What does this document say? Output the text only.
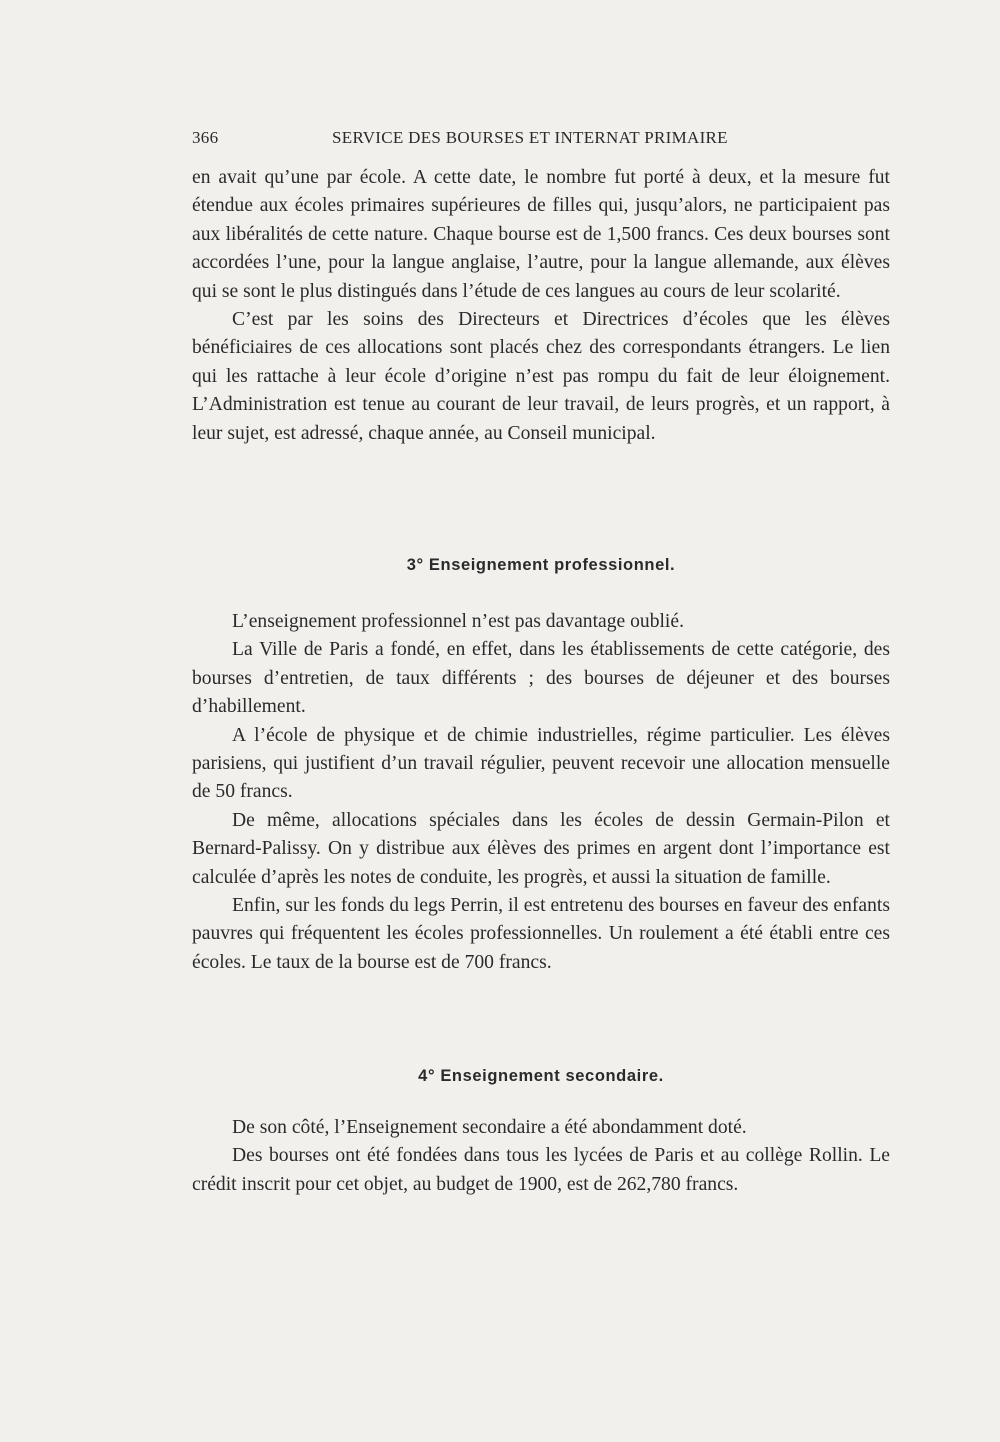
366	SERVICE DES BOURSES ET INTERNAT PRIMAIRE

en avait qu’une par école. A cette date, le nombre fut porté à deux, et la mesure fut étendue aux écoles primaires supérieures de filles qui, jusqu’alors, ne participaient pas aux libéralités de cette nature. Chaque bourse est de 1,500 francs. Ces deux bourses sont accordées l’une, pour la langue anglaise, l’autre, pour la langue allemande, aux élèves qui se sont le plus distingués dans l’étude de ces langues au cours de leur scolarité.

C’est par les soins des Directeurs et Directrices d’écoles que les élèves bénéficiaires de ces allocations sont placés chez des correspondants étrangers. Le lien qui les rattache à leur école d’origine n’est pas rompu du fait de leur éloignement. L’Administration est tenue au courant de leur travail, de leurs progrès, et un rapport, à leur sujet, est adressé, chaque année, au Conseil municipal.

3° Enseignement professionnel.

L’enseignement professionnel n’est pas davantage oublié.

La Ville de Paris a fondé, en effet, dans les établissements de cette catégorie, des bourses d’entretien, de taux différents ; des bourses de déjeuner et des bourses d’habillement.

A l’école de physique et de chimie industrielles, régime particulier. Les élèves parisiens, qui justifient d’un travail régulier, peuvent recevoir une allocation mensuelle de 50 francs.

De même, allocations spéciales dans les écoles de dessin Germain-Pilon et Bernard-Palissy. On y distribue aux élèves des primes en argent dont l’importance est calculée d’après les notes de conduite, les progrès, et aussi la situation de famille.

Enfin, sur les fonds du legs Perrin, il est entretenu des bourses en faveur des enfants pauvres qui fréquentent les écoles professionnelles. Un roulement a été établi entre ces écoles. Le taux de la bourse est de 700 francs.

4° Enseignement secondaire.

De son côté, l’Enseignement secondaire a été abondamment doté.

Des bourses ont été fondées dans tous les lycées de Paris et au collège Rollin. Le crédit inscrit pour cet objet, au budget de 1900, est de 262,780 francs.
